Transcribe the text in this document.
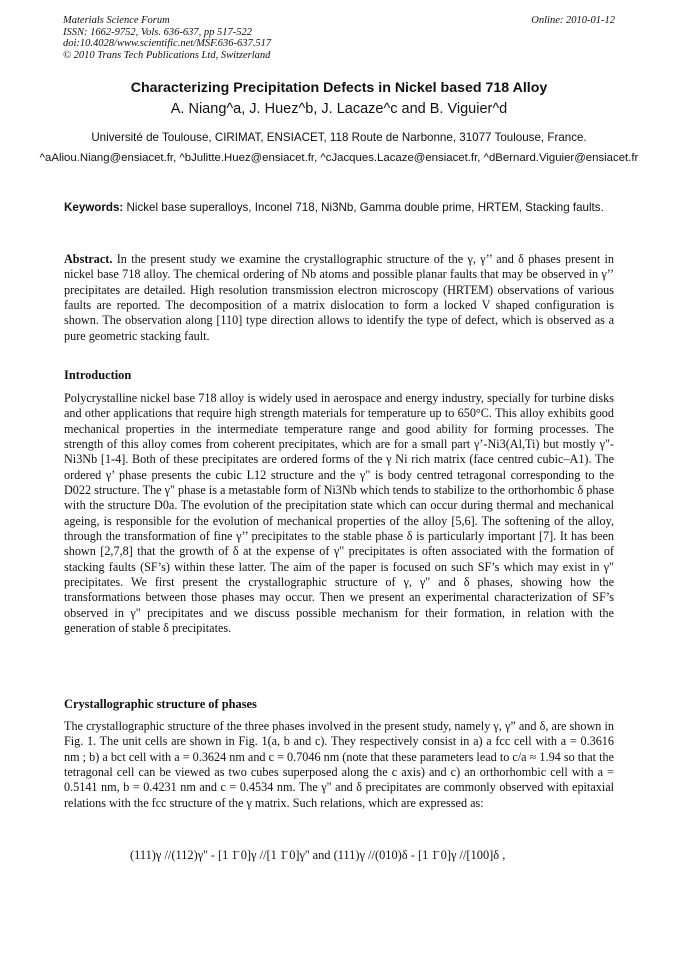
Materials Science Forum
ISSN: 1662-9752, Vols. 636-637, pp 517-522
doi:10.4028/www.scientific.net/MSF.636-637.517
© 2010 Trans Tech Publications Ltd, Switzerland
Online: 2010-01-12
Characterizing Precipitation Defects in Nickel based 718 Alloy
A. Niang^a, J. Huez^b, J. Lacaze^c and B. Viguier^d
Université de Toulouse, CIRIMAT, ENSIACET, 118 Route de Narbonne, 31077 Toulouse, France.
^aAliou.Niang@ensiacet.fr, ^bJulitte.Huez@ensiacet.fr, ^cJacques.Lacaze@ensiacet.fr, ^dBernard.Viguier@ensiacet.fr
Keywords: Nickel base superalloys, Inconel 718, Ni3Nb, Gamma double prime, HRTEM, Stacking faults.
Abstract. In the present study we examine the crystallographic structure of the γ, γ’’ and δ phases present in nickel base 718 alloy. The chemical ordering of Nb atoms and possible planar faults that may be observed in γ’’ precipitates are detailed. High resolution transmission electron microscopy (HRTEM) observations of various faults are reported. The decomposition of a matrix dislocation to form a locked V shaped configuration is shown. The observation along [110] type direction allows to identify the type of defect, which is observed as a pure geometric stacking fault.
Introduction
Polycrystalline nickel base 718 alloy is widely used in aerospace and energy industry, specially for turbine disks and other applications that require high strength materials for temperature up to 650°C. This alloy exhibits good mechanical properties in the intermediate temperature range and good ability for forming processes. The strength of this alloy comes from coherent precipitates, which are for a small part γ’-Ni3(Al,Ti) but mostly γ"-Ni3Nb [1-4]. Both of these precipitates are ordered forms of the γ Ni rich matrix (face centred cubic–A1). The ordered γ’ phase presents the cubic L12 structure and the γ" is body centred tetragonal corresponding to the D022 structure. The γ" phase is a metastable form of Ni3Nb which tends to stabilize to the orthorhombic δ phase with the structure D0a. The evolution of the precipitation state which can occur during thermal and mechanical ageing, is responsible for the evolution of mechanical properties of the alloy [5,6]. The softening of the alloy, through the transformation of fine γ’’ precipitates to the stable phase δ is particularly important [7]. It has been shown [2,7,8] that the growth of δ at the expense of γ" precipitates is often associated with the formation of stacking faults (SF’s) within these latter. The aim of the paper is focused on such SF’s which may exist in γ" precipitates. We first present the crystallographic structure of γ, γ" and δ phases, showing how the transformations between those phases may occur. Then we present an experimental characterization of SF’s observed in γ" precipitates and we discuss possible mechanism for their formation, in relation with the generation of stable δ precipitates.
Crystallographic structure of phases
The crystallographic structure of the three phases involved in the present study, namely γ, γ” and δ, are shown in Fig. 1. The unit cells are shown in Fig. 1(a, b and c). They respectively consist in a) a fcc cell with a = 0.3616 nm ; b) a bct cell with a = 0.3624 nm and c = 0.7046 nm (note that these parameters lead to c/a ≈ 1.94 so that the tetragonal cell can be viewed as two cubes superposed along the c axis) and c) an orthorhombic cell with a = 0.5141 nm, b = 0.4231 nm and c = 0.4534 nm. The γ" and δ precipitates are commonly observed with epitaxial relations with the fcc structure of the γ matrix. Such relations, which are expressed as:
(111)γ //(112)γ'' - [1 1̄ 0]γ //[1 1̄ 0]γ'' and (111)γ //(010)δ - [1 1̄ 0]γ //[100]δ ,
